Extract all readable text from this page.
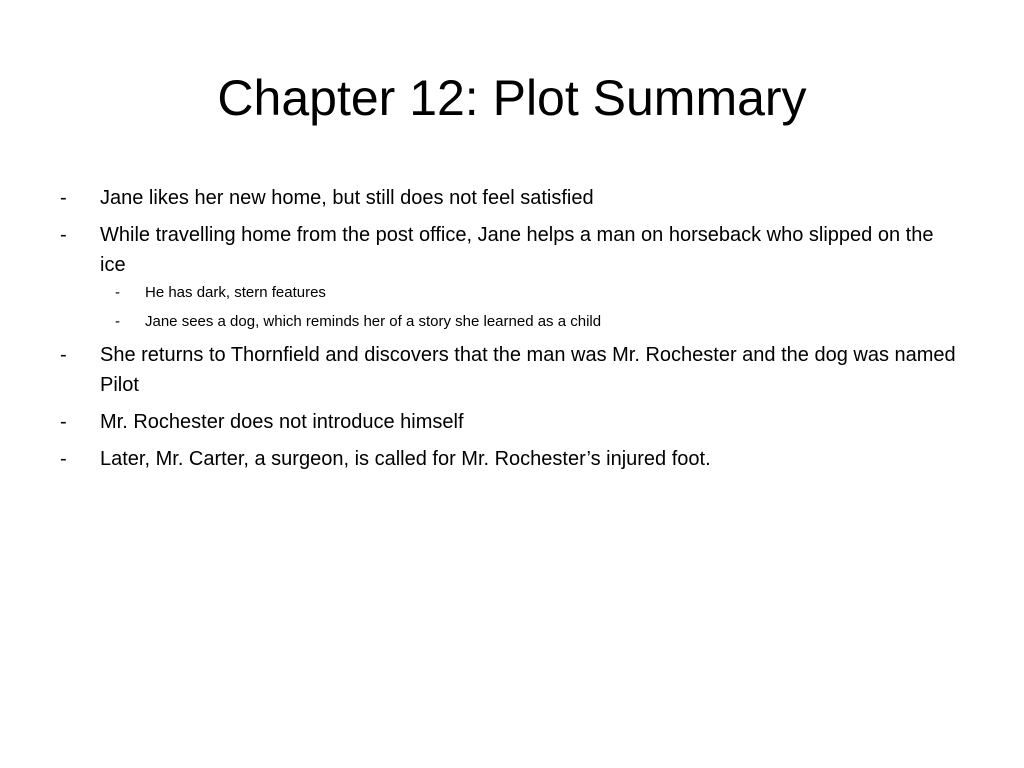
Chapter 12: Plot Summary
- Jane likes her new home, but still does not feel satisfied
- While travelling home from the post office, Jane helps a man on horseback who slipped on the ice
- He has dark, stern features
- Jane sees a dog, which reminds her of a story she learned as a child
- She returns to Thornfield and discovers that the man was Mr. Rochester and the dog was named Pilot
- Mr. Rochester does not introduce himself
- Later, Mr. Carter, a surgeon, is called for Mr. Rochester’s injured foot.
